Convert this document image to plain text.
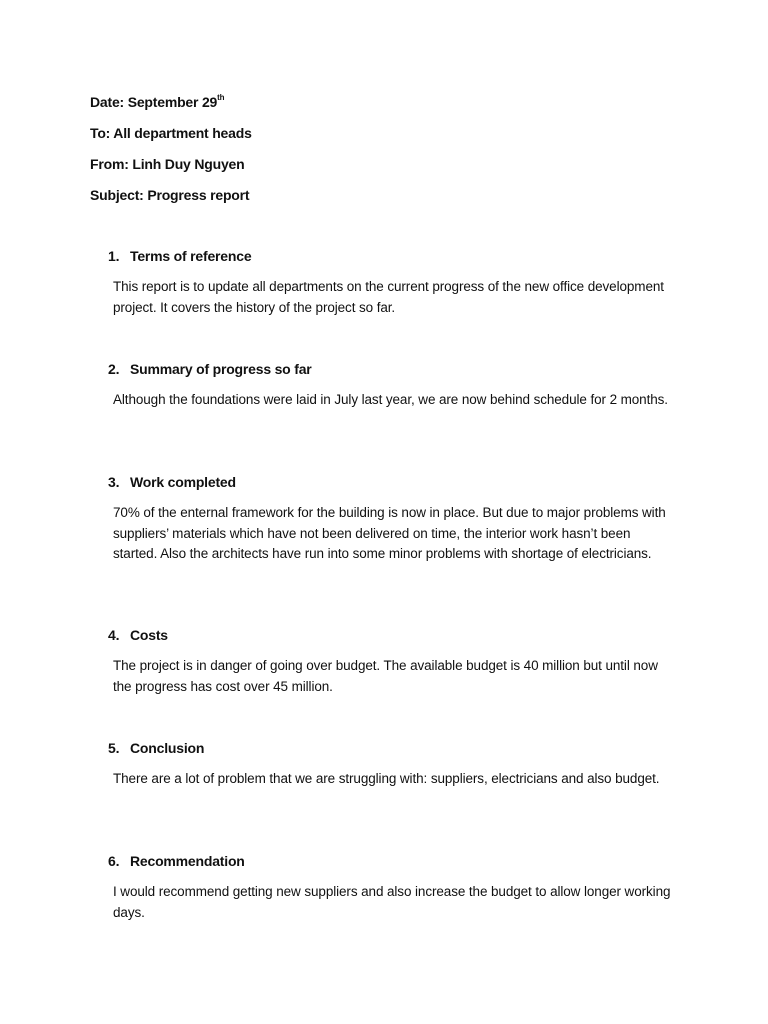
Date: September 29th
To: All department heads
From: Linh Duy Nguyen
Subject: Progress report
1. Terms of reference
This report is to update all departments on the current progress of the new office development project. It covers the history of the project so far.
2. Summary of progress so far
Although the foundations were laid in July last year, we are now behind schedule for 2 months.
3. Work completed
70% of the enternal framework for the building is now in place. But due to major problems with suppliers’ materials which have not been delivered on time, the interior work hasn’t been started. Also the architects have run into some minor problems with shortage of electricians.
4. Costs
The project is in danger of going over budget. The available budget is 40 million but until now the progress has cost over 45 million.
5. Conclusion
There are a lot of problem that we are struggling with: suppliers, electricians and also budget.
6. Recommendation
I would recommend getting new suppliers and also increase the budget to allow longer working days.
